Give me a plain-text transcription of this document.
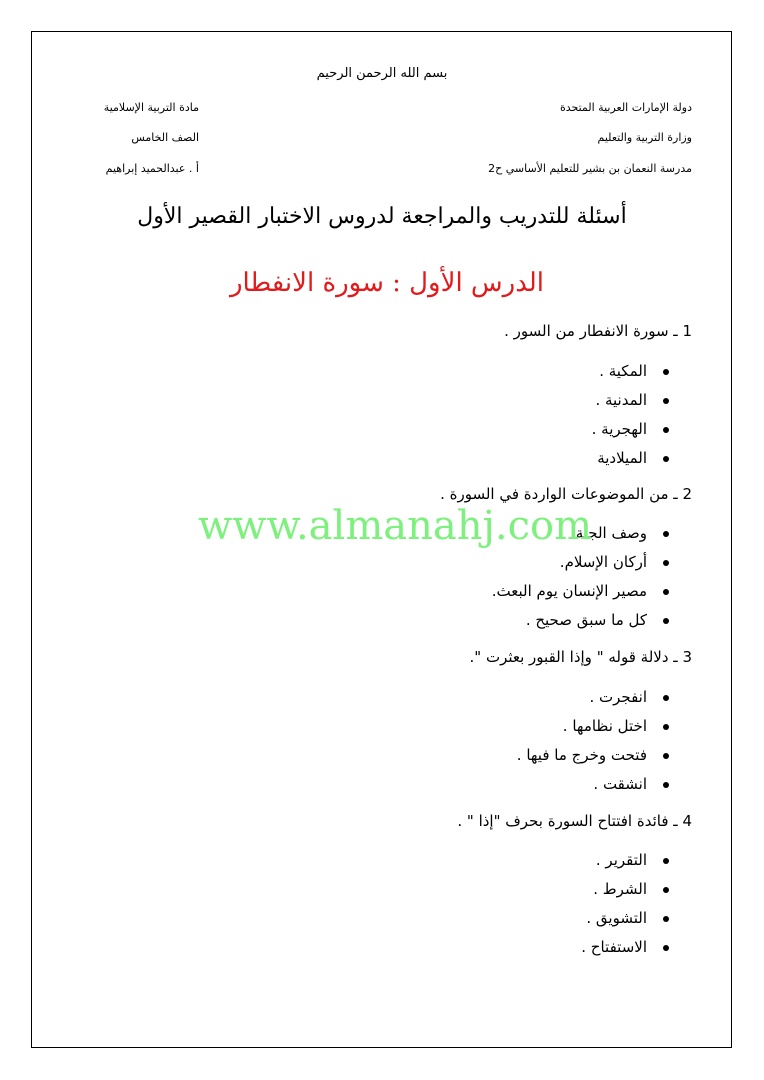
بسم الله الرحمن الرحيم
دولة الإمارات العربية المتحدة
وزارة التربية والتعليم
مدرسة النعمان بن بشير للتعليم الأساسي ح2
مادة التربية الإسلامية
الصف الخامس
أ . عبدالحميد إبراهيم
أسئلة للتدريب والمراجعة لدروس الاختبار القصير الأول
الدرس الأول : سورة الانفطار
1 ـ سورة الانفطار من السور .
المكية .
المدنية .
الهجرية .
الميلادية
2 ـ من الموضوعات الواردة في السورة .
وصف الجنة.
أركان الإسلام.
مصير الإنسان يوم البعث.
كل ما سبق صحيح .
3 ـ دلالة قوله " وإذا القبور بعثرت ".
انفجرت .
اختل نظامها .
فتحت وخرج ما فيها .
انشقت .
4 ـ فائدة افتتاح السورة بحرف "إذا " .
التقرير .
الشرط .
التشويق .
الاستفتاح .
www.almanahj.com
